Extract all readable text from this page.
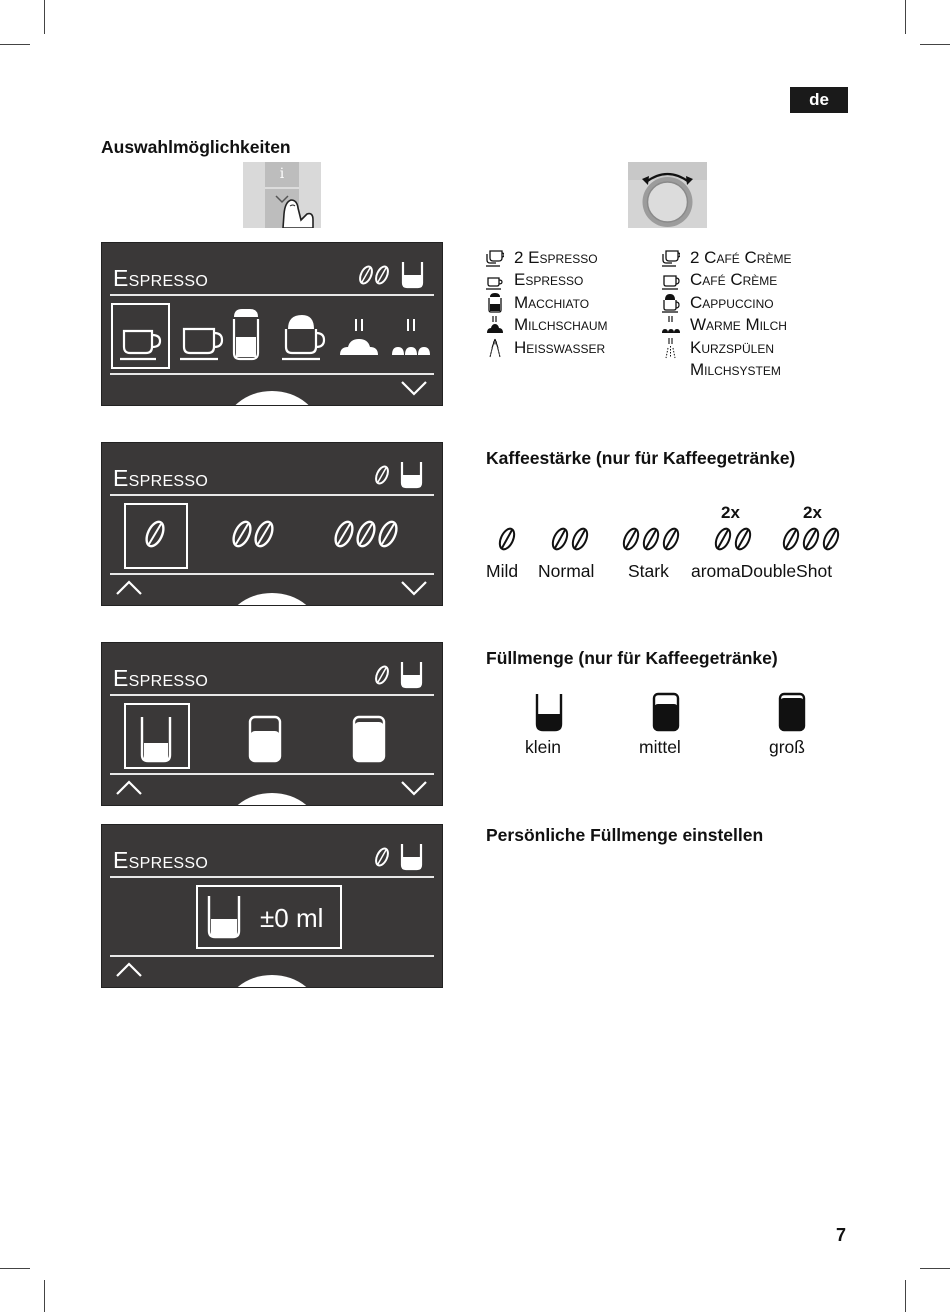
de
Auswahlmöglichkeiten
i
Espresso
Espresso
Espresso
Espresso
±0 ml
2 Espresso
Espresso
Macchiato
Milchschaum
Heisswasser
2 Café Crème
Café Crème
Cappuccino
Warme Milch
Kurzspülen
Milchsystem
Kaffeestärke (nur für Kaffeegetränke)
2x	2x
Mild Normal Stark aromaDoubleShot
Füllmenge (nur für Kaffeegetränke)
klein	mittel	groß
Persönliche Füllmenge einstellen
7
